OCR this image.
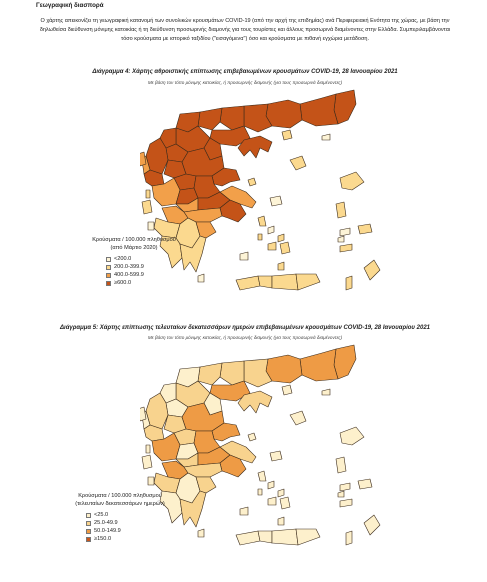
Γεωγραφική διασπορά
Ο χάρτης απεικονίζει τη γεωγραφική κατανομή των συνολικών κρουσμάτων COVID-19 (από την αρχή της επιδημίας) ανά Περιφερειακή Ενότητα της χώρας, με βάση την δηλωθείσα διεύθυνση μόνιμης κατοικίας ή τη διεύθυνση προσωρινής διαμονής για τους τουρίστες και άλλους προσωρινά διαμένοντες στην Ελλάδα. Συμπεριλαμβάνονται τόσο κρούσματα με ιστορικό ταξιδίου ("εισαγόμενα") όσο και κρούσματα με πιθανή εγχώρια μετάδοση.
Διάγραμμα 4: Χάρτης αθροιστικής επίπτωσης επιβεβαιωμένων κρουσμάτων COVID-19, 28 Ιανουαρίου 2021
Με βάση τον τόπο μόνιμης κατοικίας, ή προσωρινής διαμονής (για τους προσωρινά διαμένοντες)
Κρούσματα / 100.000 πληθυσμού
(από Μάρτιο 2020)
<200.0
200.0-399.9
400.0-599.9
≥600.0
Διάγραμμα 5: Χάρτης επίπτωσης τελευταίων δεκατεσσάρων ημερών επιβεβαιωμένων κρουσμάτων COVID-19, 28 Ιανουαρίου 2021
Με βάση τον τόπο μόνιμης κατοικίας, ή προσωρινής διαμονής (για τους προσωρινά διαμένοντες)
Κρούσματα / 100.000 πληθυσμού
(τελευταίων δεκατεσσάρων ημερών)
<25.0
25.0-49.9
50.0-149.9
≥150.0
